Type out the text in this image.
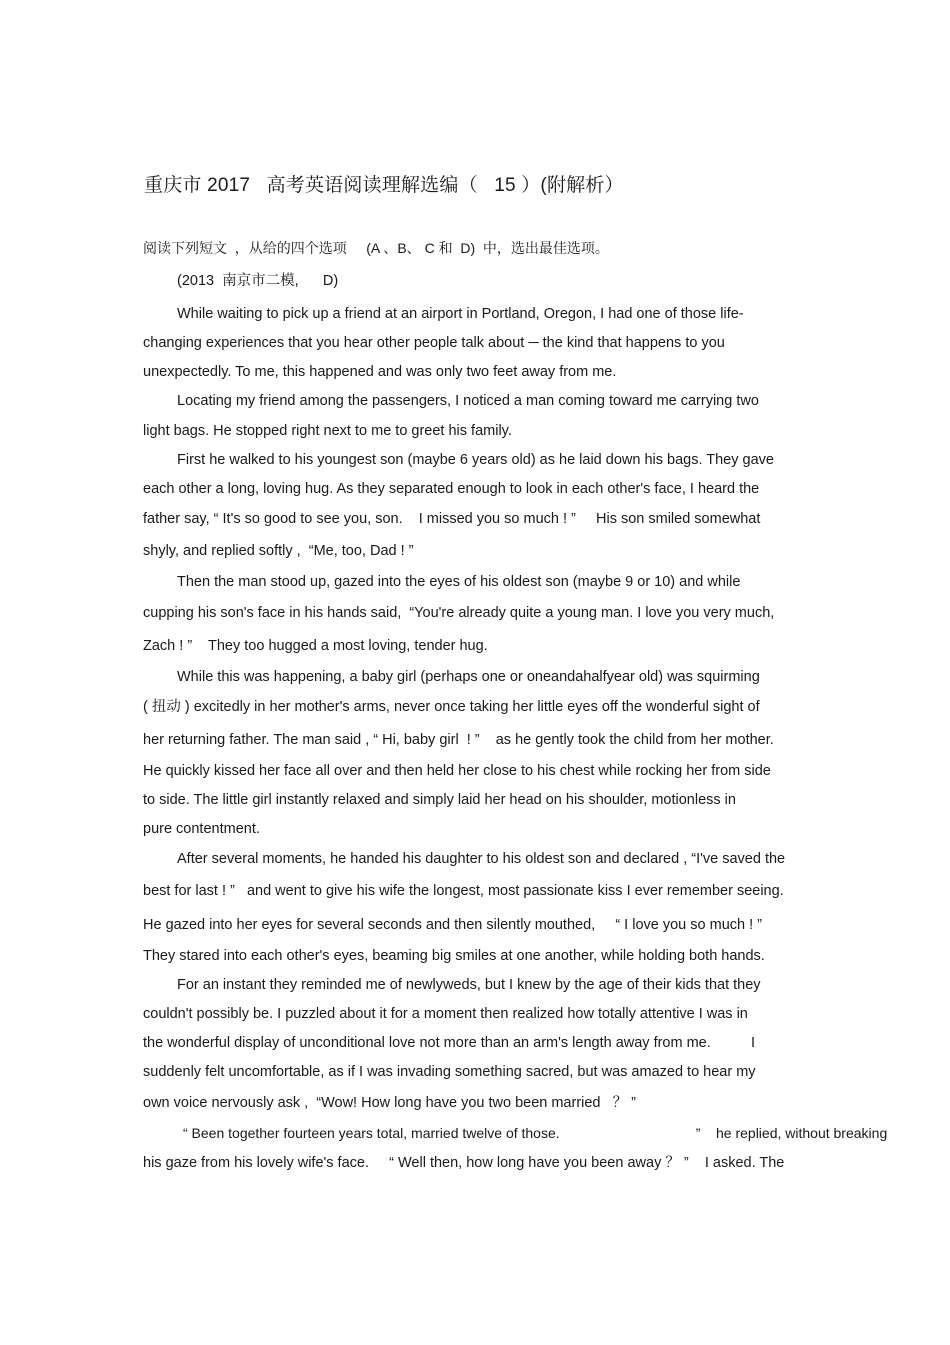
重庆市 2017   高考英语阅读理解选编（   15 ）(附解析）
阅读下列短文  ，从给的四个选项     (A 、B、 C 和  D)  中，选出最佳选项。
(2013  南京市二模,      D)
While waiting to pick up a friend at an airport in Portland, Oregon, I had one of those life-
changing experiences that you hear other people talk about ─ the kind that happens to you
unexpectedly. To me, this happened and was only two feet away from me.
Locating my friend among the passengers, I noticed a man coming toward me carrying two
light bags. He stopped right next to me to greet his family.
First he walked to his youngest son (maybe 6 years old) as he laid down his bags. They gave
each other a long, loving hug. As they separated enough to look in each other's face, I heard the
father say, “ It's so good to see you, son.    I missed you so much ! ”     His son smiled somewhat
shyly, and replied softly ,  “Me, too, Dad ! ”
Then the man stood up, gazed into the eyes of his oldest son (maybe 9 or 10) and while
cupping his son's face in his hands said,  “You're already quite a young man. I love you very much,
Zach ! ”    They too hugged a most loving, tender hug.
While this was happening, a baby girl (perhaps one or oneandahalfyear old) was squirming
( 扭动 ) excitedly in her mother's arms, never once taking her little eyes off the wonderful sight of
her returning father. The man said , “ Hi, baby girl  ! ”    as he gently took the child from her mother.
He quickly kissed her face all over and then held her close to his chest while rocking her from side
to side. The little girl instantly relaxed and simply laid her head on his shoulder, motionless in
pure contentment.
After several moments, he handed his daughter to his oldest son and declared , “I've saved the
best for last ! ”   and went to give his wife the longest, most passionate kiss I ever remember seeing.
He gazed into her eyes for several seconds and then silently mouthed,     “ I love you so much ! ”
They stared into each other's eyes, beaming big smiles at one another, while holding both hands.
For an instant they reminded me of newlyweds, but I knew by the age of their kids that they
couldn't possibly be. I puzzled about it for a moment then realized how totally attentive I was in
the wonderful display of unconditional love not more than an arm's length away from me.          I
suddenly felt uncomfortable, as if I was invading something sacred, but was amazed to hear my
own voice nervously ask ,  “Wow! How long have you two been married   ？ ”
“ Been together fourteen years total, married twelve of those.                                   ”    he replied, without breaking
his gaze from his lovely wife's face.     “ Well then, how long have you been away ？ ”    I asked. The
